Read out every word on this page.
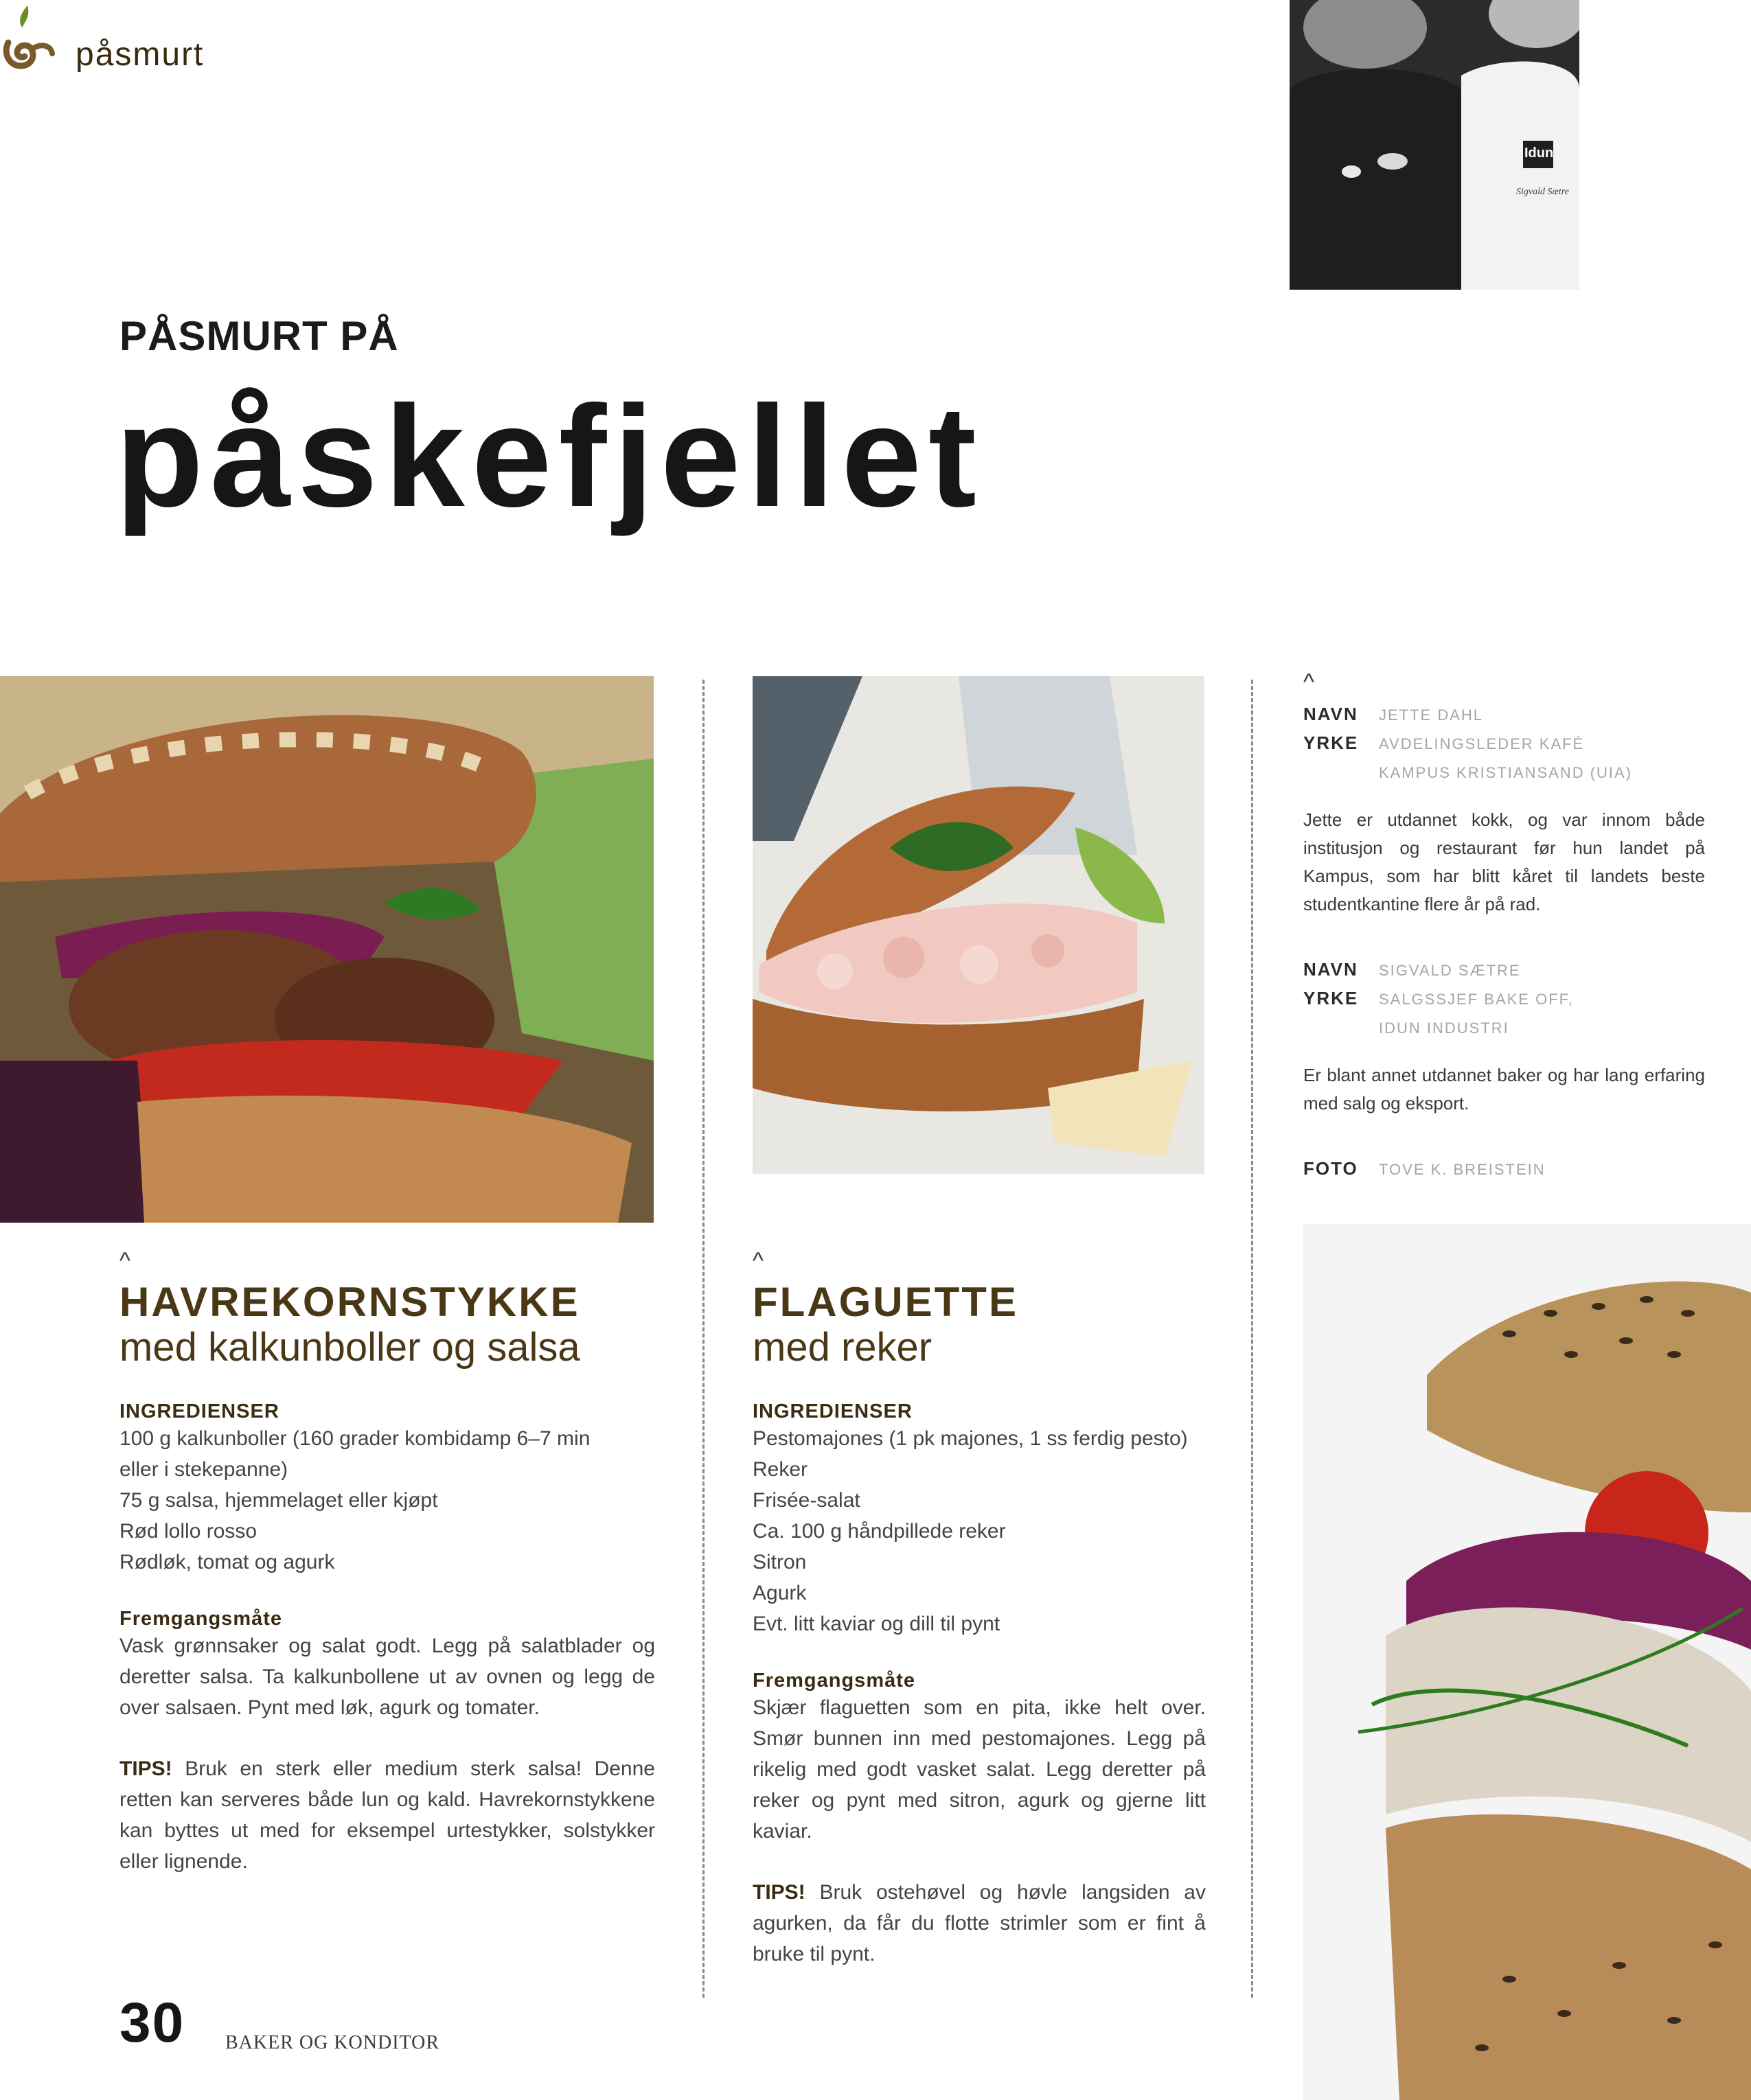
påsmurt
PÅSMURT PÅ
påskefjellet
Idun
Sigvald Sætre
^
NAVN JETTE DAHL
YRKE AVDELINGSLEDER KAFÉ
KAMPUS KRISTIANSAND (UIA)
Jette er utdannet kokk, og var innom både institusjon og restaurant før hun landet på Kampus, som har blitt kåret til landets beste studentkantine flere år på rad.
NAVN SIGVALD SÆTRE
YRKE SALGSSJEF BAKE OFF,
IDUN INDUSTRI
Er blant annet utdannet baker og har lang erfaring med salg og eksport.
FOTO TOVE K. BREISTEIN
^
HAVREKORNSTYKKE
med kalkunboller og salsa
INGREDIENSER
100 g kalkunboller (160 grader kombidamp 6–7 min
eller i stekepanne)
75 g salsa, hjemmelaget eller kjøpt
Rød lollo rosso
Rødløk, tomat og agurk
Fremgangsmåte
Vask grønnsaker og salat godt. Legg på salatblader og deretter salsa. Ta kalkunbollene ut av ovnen og legg de over salsaen. Pynt med løk, agurk og tomater.
TIPS! Bruk en sterk eller medium sterk salsa! Denne retten kan serveres både lun og kald. Havrekornstykkene kan byttes ut med for eksempel urtestykker, solstykker eller lignende.
^
FLAGUETTE
med reker
INGREDIENSER
Pestomajones (1 pk majones, 1 ss ferdig pesto)
Reker
Frisée-salat
Ca. 100 g håndpillede reker
Sitron
Agurk
Evt. litt kaviar og dill til pynt
Fremgangsmåte
Skjær flaguetten som en pita, ikke helt over. Smør bunnen inn med pestomajones. Legg på rikelig med godt vasket salat. Legg deretter på reker og pynt med sitron, agurk og gjerne litt kaviar.
TIPS! Bruk ostehøvel og høvle langsiden av agurken, da får du flotte strimler som er fint å bruke til pynt.
30 BAKER OG KONDITOR
